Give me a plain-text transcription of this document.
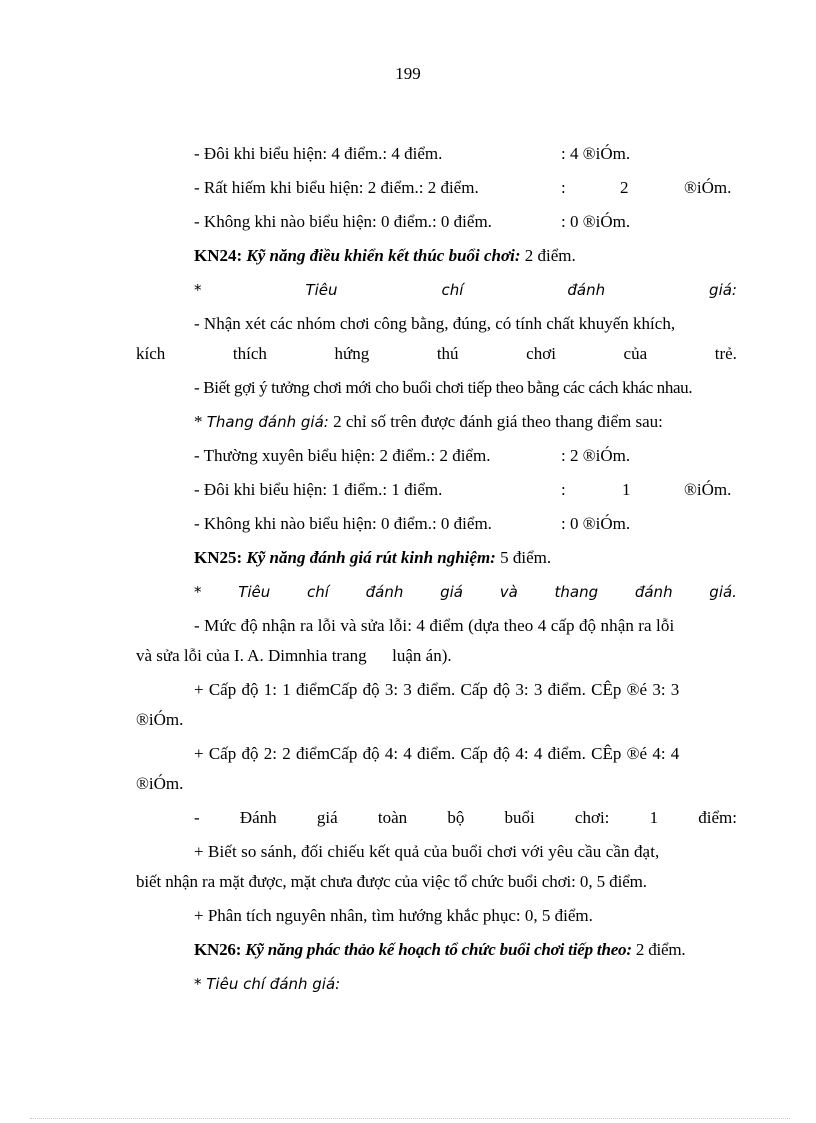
199
- Đôi khi biểu hiện: 4 điểm.: 4 điểm.	: 4 ®iÓm.
- Rất hiếm khi biểu hiện: 2 điểm.: 2 điểm.	:	2	®iÓm.
- Không khi nào biểu hiện: 0 điểm.: 0 điểm.	: 0 ®iÓm.
KN24: Kỹ năng điều khiển kết thúc buổi chơi: 2 điểm.
*	Tiêu	chí	đánh	giá:
- Nhận xét các nhóm chơi công bằng, đúng, có tính chất khuyến khích,
kích	thích	hứng	thú	chơi	của	trẻ.
- Biết gợi ý tưởng chơi mới cho buổi chơi tiếp theo bằng các cách khác nhau.
* Thang đánh giá: 2 chỉ số trên được đánh giá theo thang điểm sau:
- Thường xuyên biểu hiện: 2 điểm.: 2 điểm.	: 2 ®iÓm.
- Đôi khi biểu hiện: 1 điểm.: 1 điểm.	:	1	®iÓm.
- Không khi nào biểu hiện: 0 điểm.: 0 điểm.	: 0 ®iÓm.
KN25: Kỹ năng đánh giá rút kinh nghiệm: 5 điểm.
* Tiêu chí đánh giá và thang đánh giá.
- Mức độ nhận ra lỗi và sửa lỗi: 4 điểm (dựa theo 4 cấp độ nhận ra lỗi
và sửa lỗi của I. A. Dimnhia trang      luận án).
+ Cấp độ 1: 1 điểmCấp độ 3: 3 điểm. Cấp độ 3: 3 điểm. CÊp ®é 3: 3
®iÓm.
+ Cấp độ 2: 2 điểmCấp độ 4: 4 điểm. Cấp độ 4: 4 điểm. CÊp ®é 4: 4
®iÓm.
- Đánh giá toàn bộ buổi chơi: 1 điểm:
+ Biết so sánh, đối chiếu kết quả của buổi chơi với yêu cầu cần đạt,
biết nhận ra mặt được, mặt chưa được của việc tổ chức buổi chơi: 0, 5 điểm.
+ Phân tích nguyên nhân, tìm hướng khắc phục: 0, 5 điểm.
KN26: Kỹ năng phác thảo kế hoạch tổ chức buổi chơi tiếp theo: 2 điểm.
* Tiêu chí đánh giá:
